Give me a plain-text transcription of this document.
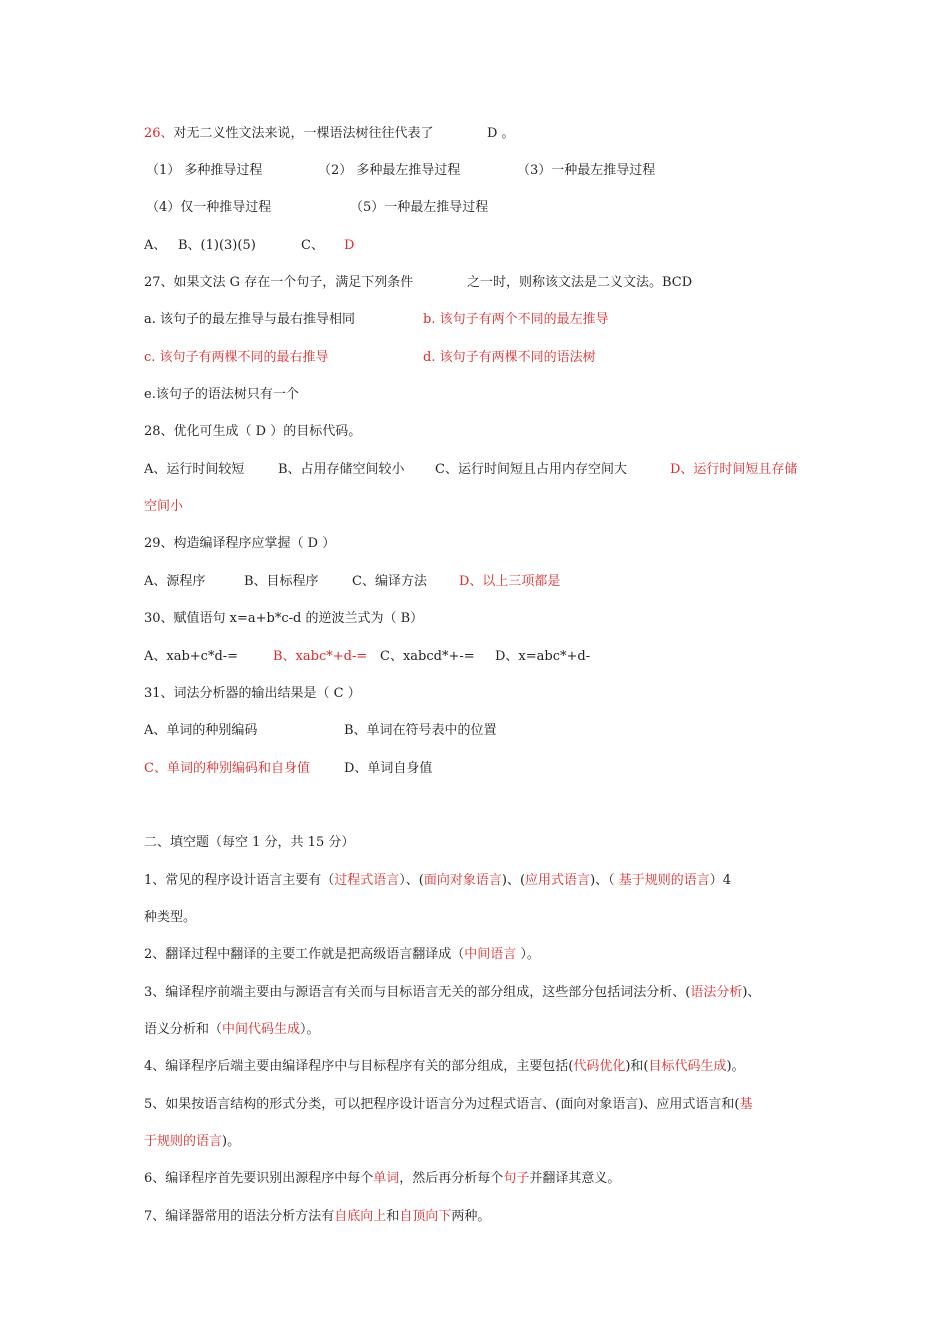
26、对无二义性文法来说，一棵语法树往往代表了	D 。
（1） 多种推导过程	（2） 多种最左推导过程	（3）一种最左推导过程
（4）仅一种推导过程	（5）一种最左推导过程
A、 B、(1)(3)(5)	C、 D
27、如果文法 G 存在一个句子，满足下列条件	之一时，则称该文法是二义文法。BCD
a. 该句子的最左推导与最右推导相同	b. 该句子有两个不同的最左推导
c. 该句子有两棵不同的最右推导	d. 该句子有两棵不同的语法树
e.该句子的语法树只有一个
28、优化可生成（ D ）的目标代码。
A、运行时间较短	B、占用存储空间较小 C、运行时间短且占用内存空间大	D、运行时间短且存储
空间小
29、构造编译程序应掌握（ D ）
A、源程序	B、目标程序	C、编译方法 D、以上三项都是
30、赋值语句 x=a+b*c-d 的逆波兰式为（ B）
A、xab+c*d-=	B、xabc*+d-= C、xabcd*+-= D、x=abc*+d-
31、词法分析器的输出结果是（ C ）
A、单词的种别编码	B、单词在符号表中的位置
C、单词的种别编码和自身值	D、单词自身值
二、填空题（每空 1 分，共 15 分）
1、常见的程序设计语言主要有（过程式语言）、(面向对象语言)、(应用式语言)、（ 基于规则的语言）4
种类型。
2、翻译过程中翻译的主要工作就是把高级语言翻译成（中间语言 ）。
3、编译程序前端主要由与源语言有关而与目标语言无关的部分组成，这些部分包括词法分析、(语法分析)、
语义分析和（中间代码生成）。
4、编译程序后端主要由编译程序中与目标程序有关的部分组成，主要包括(代码优化)和(目标代码生成)。
5、如果按语言结构的形式分类，可以把程序设计语言分为过程式语言、(面向对象语言)、应用式语言和(基
于规则的语言)。
6、编译程序首先要识别出源程序中每个单词，然后再分析每个句子并翻译其意义。
7、编译器常用的语法分析方法有自底向上和自顶向下两种。
